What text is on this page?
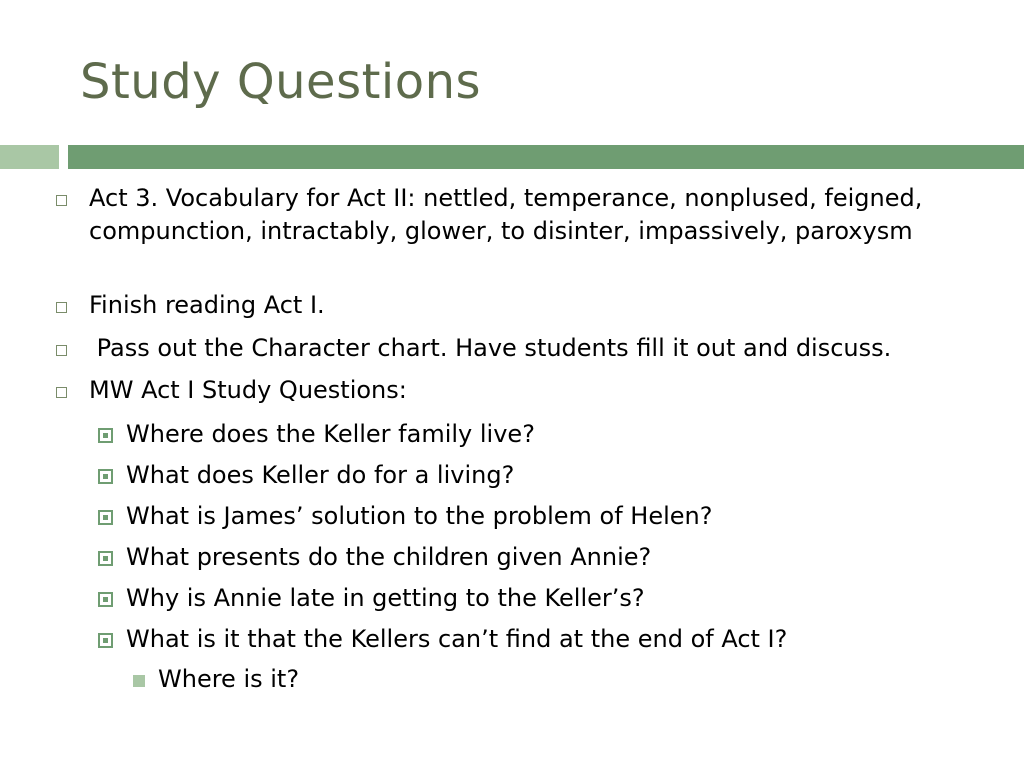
Study Questions
Act 3. Vocabulary for Act II: nettled, temperance, nonplused, feigned, compunction, intractably, glower, to disinter, impassively, paroxysm
Finish reading Act I.
Pass out the Character chart. Have students fill it out and discuss.
MW Act I Study Questions:
Where does the Keller family live?
What does Keller do for a living?
What is James’ solution to the problem of Helen?
What presents do the children given Annie?
Why is Annie late in getting to the Keller’s?
What is it that the Kellers can’t find at the end of Act I?
Where is it?
